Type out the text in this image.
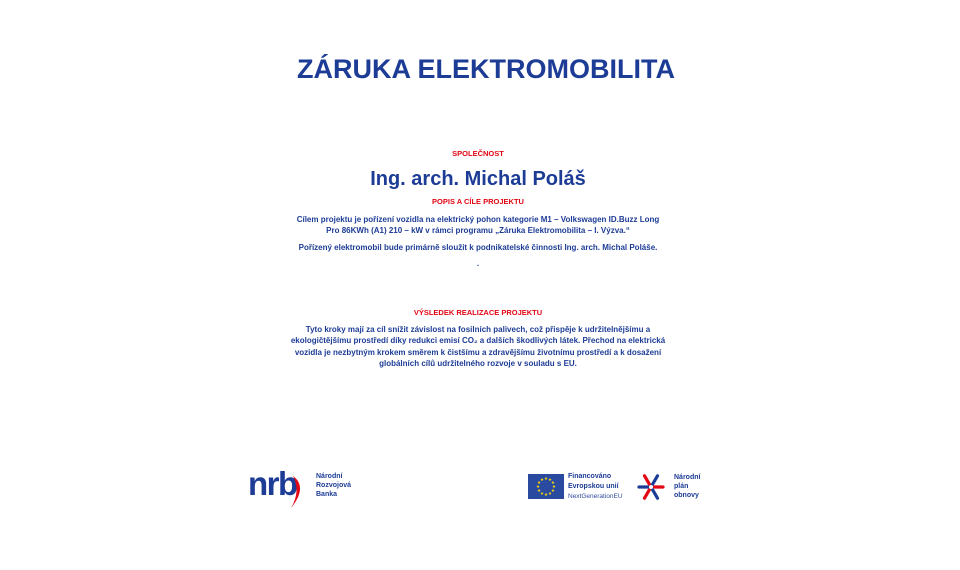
ZÁRUKA ELEKTROMOBILITA
SPOLEČNOST
Ing. arch. Michal Poláš
POPIS A CÍLE PROJEKTU
Cílem projektu je pořízení vozidla na elektrický pohon kategorie M1 – Volkswagen ID.Buzz Long
Pro 86KWh (A1) 210 – kW v rámci programu „Záruka Elektromobilita – I. Výzva.“
Pořízený elektromobil bude primárně sloužit k podnikatelské činnosti Ing. arch. Michal Poláše.
.
VÝSLEDEK REALIZACE PROJEKTU
Tyto kroky mají za cíl snížit závislost na fosilních palivech, což přispěje k udržitelnějšímu a
ekologičtějšímu prostředí díky redukci emisí CO₂ a dalších škodlivých látek. Přechod na elektrická
vozidla je nezbytným krokem směrem k čistšímu a zdravějšímu životnímu prostředí a k dosažení
globálních cílů udržitelného rozvoje v souladu s EU.
nrb	Národní
Rozvojová
Banka
Financováno
Evropskou unií
NextGenerationEU
Národní
plán
obnovy
